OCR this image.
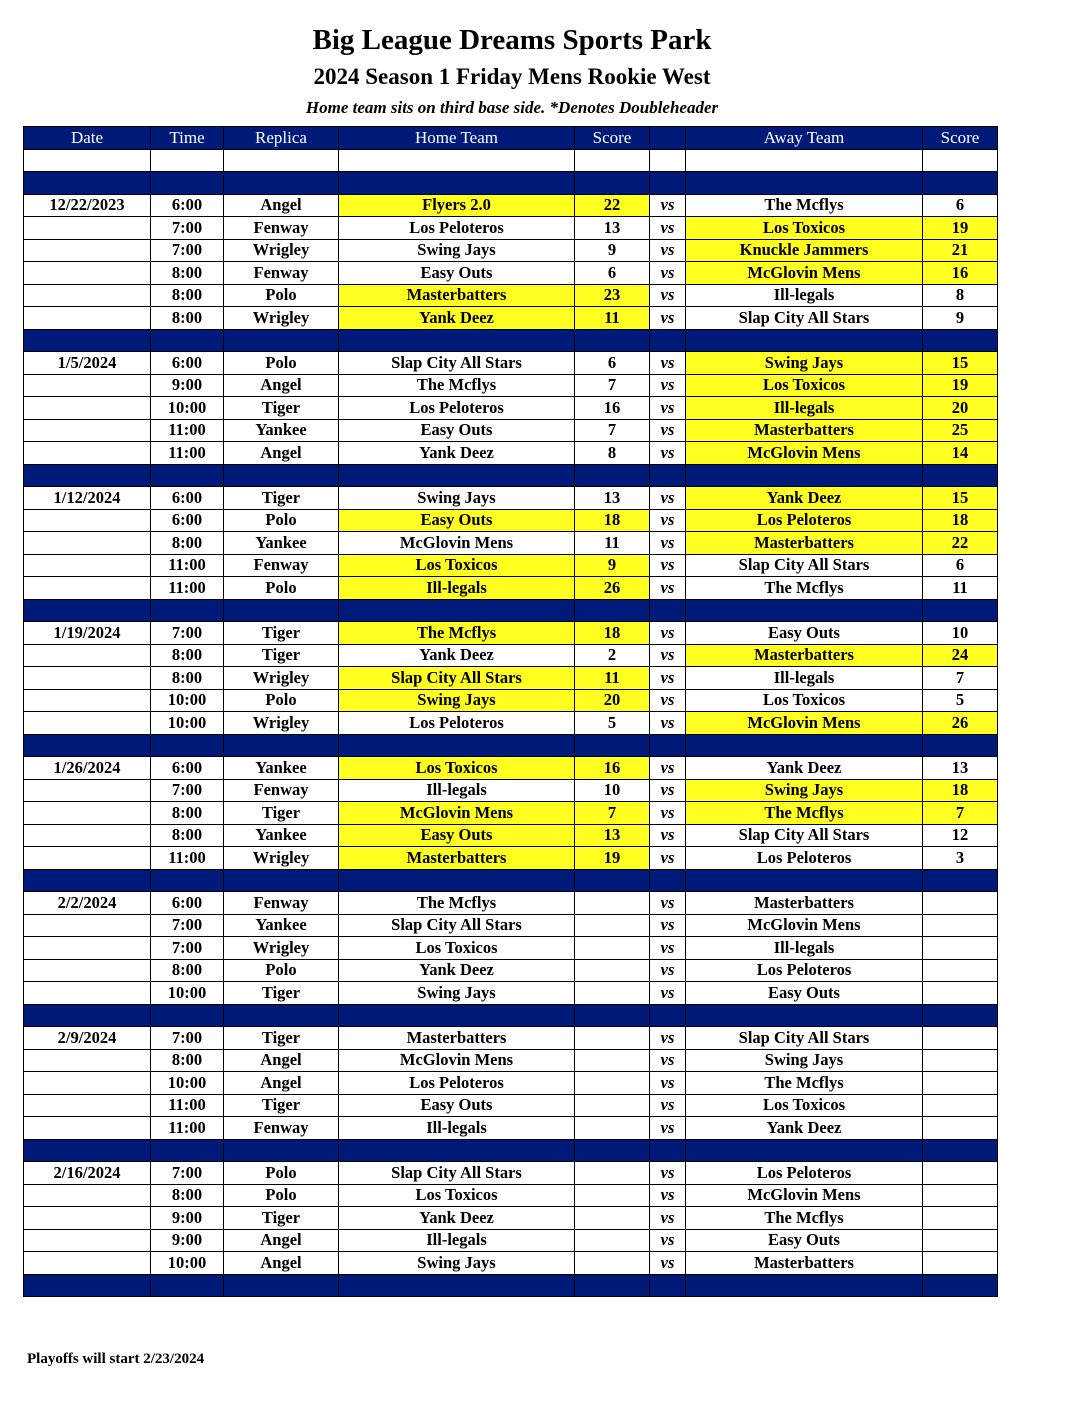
Big League Dreams Sports Park
2024 Season 1 Friday Mens Rookie West

Home team sits on third base side. *Denotes Doubleheader

Date	Time	Replica	Home Team	Score		Away Team	Score

12/22/2023	6:00	Angel	Flyers 2.0	22	vs	The Mcflys	6
	7:00	Fenway	Los Peloteros	13	vs	Los Toxicos	19
	7:00	Wrigley	Swing Jays	9	vs	Knuckle Jammers	21
	8:00	Fenway	Easy Outs	6	vs	McGlovin Mens	16
	8:00	Polo	Masterbatters	23	vs	Ill-legals	8
	8:00	Wrigley	Yank Deez	11	vs	Slap City All Stars	9

1/5/2024	6:00	Polo	Slap City All Stars	6	vs	Swing Jays	15
	9:00	Angel	The Mcflys	7	vs	Los Toxicos	19
	10:00	Tiger	Los Peloteros	16	vs	Ill-legals	20
	11:00	Yankee	Easy Outs	7	vs	Masterbatters	25
	11:00	Angel	Yank Deez	8	vs	McGlovin Mens	14

1/12/2024	6:00	Tiger	Swing Jays	13	vs	Yank Deez	15
	6:00	Polo	Easy Outs	18	vs	Los Peloteros	18
	8:00	Yankee	McGlovin Mens	11	vs	Masterbatters	22
	11:00	Fenway	Los Toxicos	9	vs	Slap City All Stars	6
	11:00	Polo	Ill-legals	26	vs	The Mcflys	11

1/19/2024	7:00	Tiger	The Mcflys	18	vs	Easy Outs	10
	8:00	Tiger	Yank Deez	2	vs	Masterbatters	24
	8:00	Wrigley	Slap City All Stars	11	vs	Ill-legals	7
	10:00	Polo	Swing Jays	20	vs	Los Toxicos	5
	10:00	Wrigley	Los Peloteros	5	vs	McGlovin Mens	26

1/26/2024	6:00	Yankee	Los Toxicos	16	vs	Yank Deez	13
	7:00	Fenway	Ill-legals	10	vs	Swing Jays	18
	8:00	Tiger	McGlovin Mens	7	vs	The Mcflys	7
	8:00	Yankee	Easy Outs	13	vs	Slap City All Stars	12
	11:00	Wrigley	Masterbatters	19	vs	Los Peloteros	3

2/2/2024	6:00	Fenway	The Mcflys		vs	Masterbatters	
	7:00	Yankee	Slap City All Stars		vs	McGlovin Mens	
	7:00	Wrigley	Los Toxicos		vs	Ill-legals	
	8:00	Polo	Yank Deez		vs	Los Peloteros	
	10:00	Tiger	Swing Jays		vs	Easy Outs	

2/9/2024	7:00	Tiger	Masterbatters		vs	Slap City All Stars	
	8:00	Angel	McGlovin Mens		vs	Swing Jays	
	10:00	Angel	Los Peloteros		vs	The Mcflys	
	11:00	Tiger	Easy Outs		vs	Los Toxicos	
	11:00	Fenway	Ill-legals		vs	Yank Deez	

2/16/2024	7:00	Polo	Slap City All Stars		vs	Los Peloteros	
	8:00	Polo	Los Toxicos		vs	McGlovin Mens	
	9:00	Tiger	Yank Deez		vs	The Mcflys	
	9:00	Angel	Ill-legals		vs	Easy Outs	
	10:00	Angel	Swing Jays		vs	Masterbatters	

Playoffs will start 2/23/2024
